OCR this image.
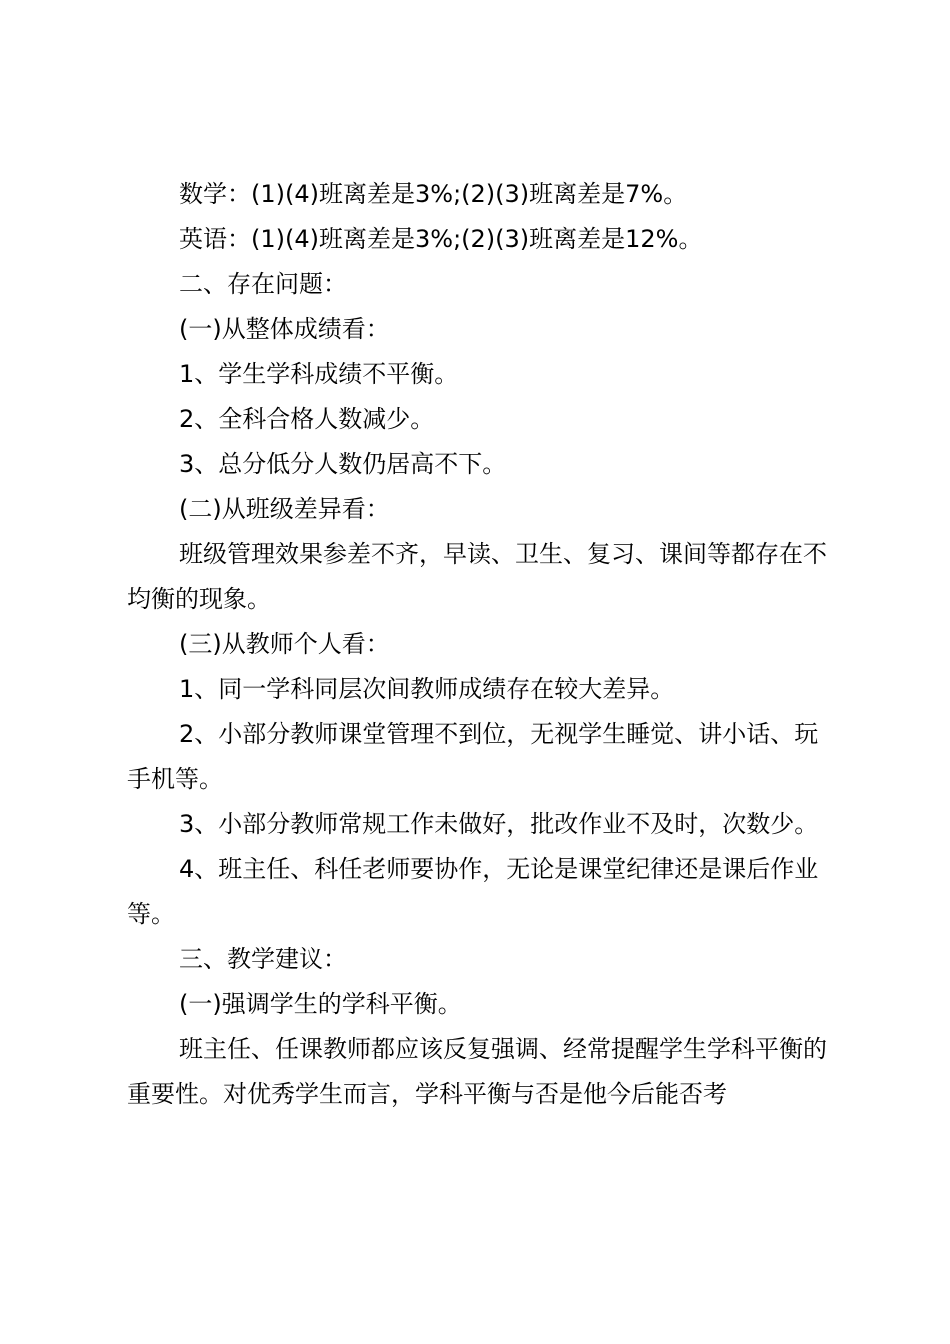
数学：(1)(4)班离差是3%;(2)(3)班离差是7%。

英语：(1)(4)班离差是3%;(2)(3)班离差是12%。

二、存在问题：

(一)从整体成绩看：

1、学生学科成绩不平衡。

2、全科合格人数减少。

3、总分低分人数仍居高不下。

(二)从班级差异看：

班级管理效果参差不齐，早读、卫生、复习、课间等都存在不均衡的现象。

(三)从教师个人看：

1、同一学科同层次间教师成绩存在较大差异。

2、小部分教师课堂管理不到位，无视学生睡觉、讲小话、玩手机等。

3、小部分教师常规工作未做好，批改作业不及时，次数少。

4、班主任、科任老师要协作，无论是课堂纪律还是课后作业等。

三、教学建议：

(一)强调学生的学科平衡。

班主任、任课教师都应该反复强调、经常提醒学生学科平衡的重要性。对优秀学生而言，学科平衡与否是他今后能否考
